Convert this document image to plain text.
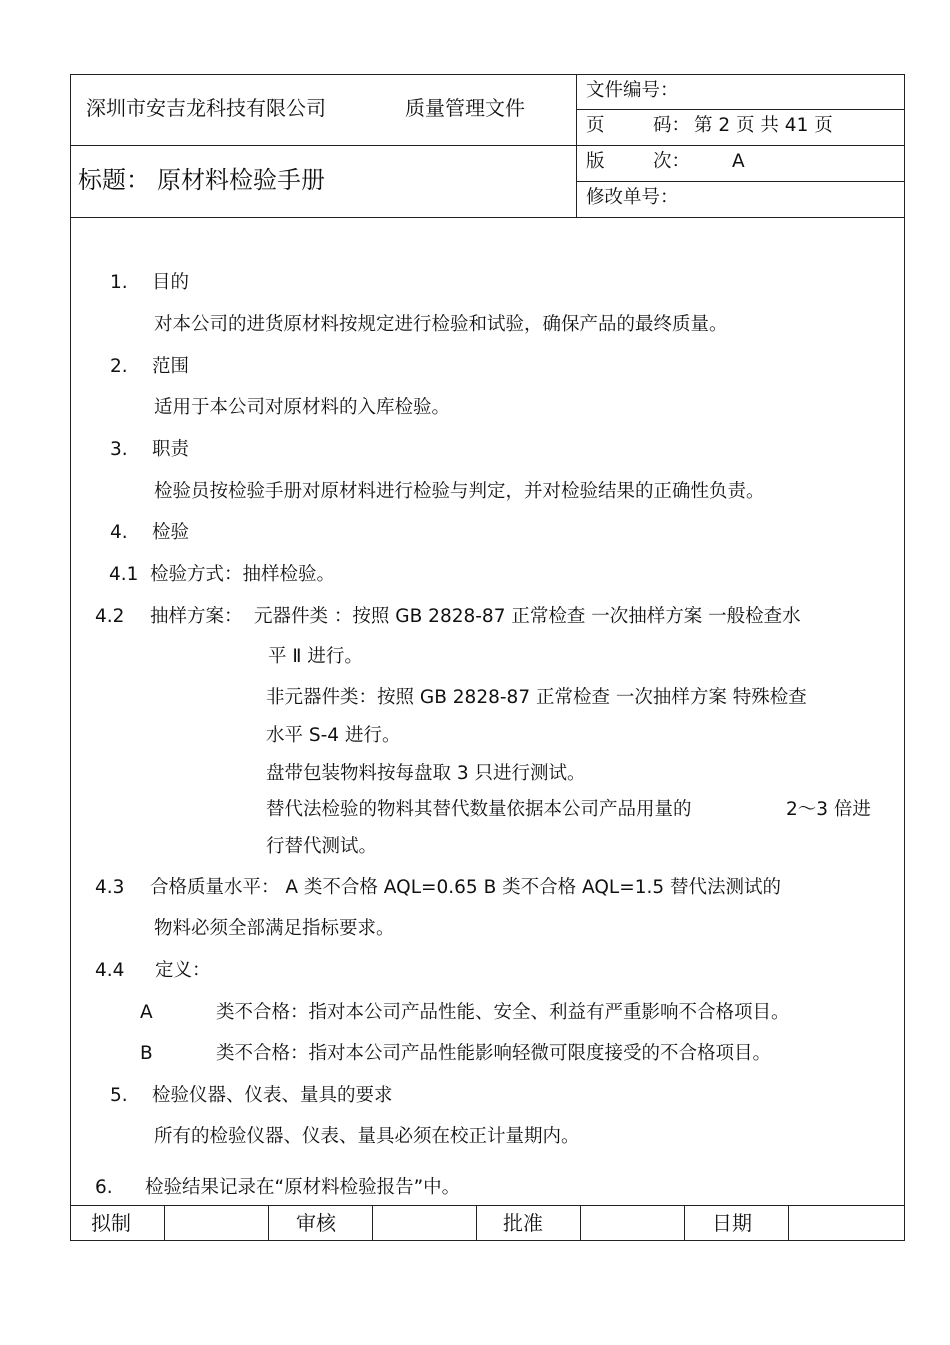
深圳市安吉龙科技有限公司	质量管理文件
标题： 原材料检验手册
文件编号：
页	码： 第 2 页 共 41 页
版	次： A
修改单号：
1. 目的
对本公司的进货原材料按规定进行检验和试验，确保产品的最终质量。
2. 范围
适用于本公司对原材料的入库检验。
3. 职责
检验员按检验手册对原材料进行检验与判定，并对检验结果的正确性负责。
4. 检验
4.1 检验方式：抽样检验。
4.2 抽样方案： 元器件类 ：按照 GB 2828-87 正常检查 一次抽样方案 一般检查水
平 Ⅱ 进行。
非元器件类：按照 GB 2828-87 正常检查 一次抽样方案 特殊检查
水平 S-4 进行。
盘带包装物料按每盘取 3 只进行测试。
替代法检验的物料其替代数量依据本公司产品用量的	2～3 倍进
行替代测试。
4.3 合格质量水平： A 类不合格 AQL=0.65 B 类不合格 AQL=1.5 替代法测试的
物料必须全部满足指标要求。
4.4 定义：
A	类不合格：指对本公司产品性能、安全、利益有严重影响不合格项目。
B	类不合格：指对本公司产品性能影响轻微可限度接受的不合格项目。
5. 检验仪器、仪表、量具的要求
所有的检验仪器、仪表、量具必须在校正计量期内。
6. 检验结果记录在“原材料检验报告”中。
拟制	审核	批准	日期
